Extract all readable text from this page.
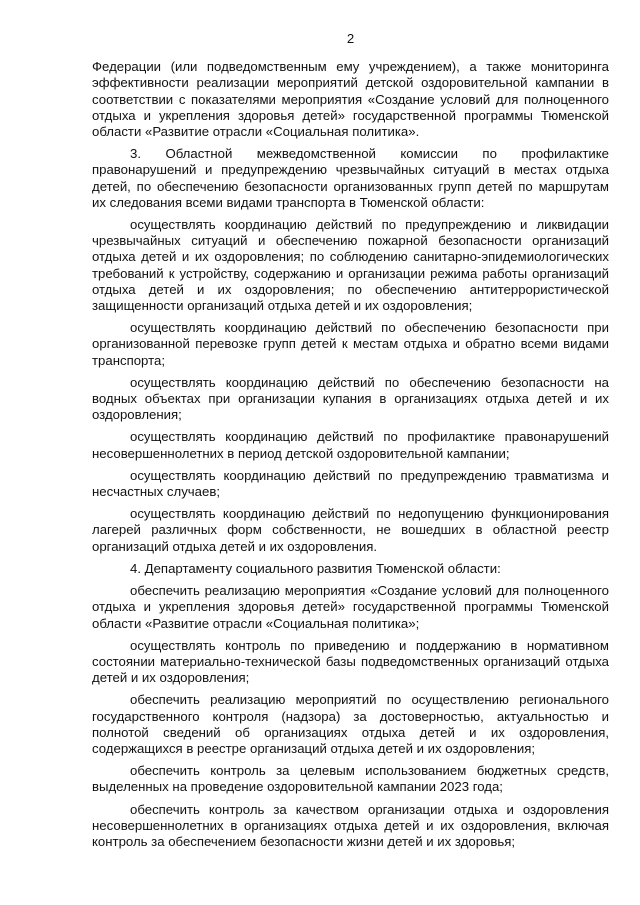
2

Федерации (или подведомственным ему учреждением), а также мониторинга эффективности реализации мероприятий детской оздоровительной кампании в соответствии с показателями мероприятия «Создание условий для полноценного отдыха и укрепления здоровья детей» государственной программы Тюменской области «Развитие отрасли «Социальная политика».

3. Областной межведомственной комиссии по профилактике правонарушений и предупреждению чрезвычайных ситуаций в местах отдыха детей, по обеспечению безопасности организованных групп детей по маршрутам их следования всеми видами транспорта в Тюменской области:

осуществлять координацию действий по предупреждению и ликвидации чрезвычайных ситуаций и обеспечению пожарной безопасности организаций отдыха детей и их оздоровления; по соблюдению санитарно-эпидемиологических требований к устройству, содержанию и организации режима работы организаций отдыха детей и их оздоровления; по обеспечению антитеррористической защищенности организаций отдыха детей и их оздоровления;

осуществлять координацию действий по обеспечению безопасности при организованной перевозке групп детей к местам отдыха и обратно всеми видами транспорта;

осуществлять координацию действий по обеспечению безопасности на водных объектах при организации купания в организациях отдыха детей и их оздоровления;

осуществлять координацию действий по профилактике правонарушений несовершеннолетних в период детской оздоровительной кампании;

осуществлять координацию действий по предупреждению травматизма и несчастных случаев;

осуществлять координацию действий по недопущению функционирования лагерей различных форм собственности, не вошедших в областной реестр организаций отдыха детей и их оздоровления.

4. Департаменту социального развития Тюменской области:

обеспечить реализацию мероприятия «Создание условий для полноценного отдыха и укрепления здоровья детей» государственной программы Тюменской области «Развитие отрасли «Социальная политика»;

осуществлять контроль по приведению и поддержанию в нормативном состоянии материально-технической базы подведомственных организаций отдыха детей и их оздоровления;

обеспечить реализацию мероприятий по осуществлению регионального государственного контроля (надзора) за достоверностью, актуальностью и полнотой сведений об организациях отдыха детей и их оздоровления, содержащихся в реестре организаций отдыха детей и их оздоровления;

обеспечить контроль за целевым использованием бюджетных средств, выделенных на проведение оздоровительной кампании 2023 года;

обеспечить контроль за качеством организации отдыха и оздоровления несовершеннолетних в организациях отдыха детей и их оздоровления, включая контроль за обеспечением безопасности жизни детей и их здоровья;
